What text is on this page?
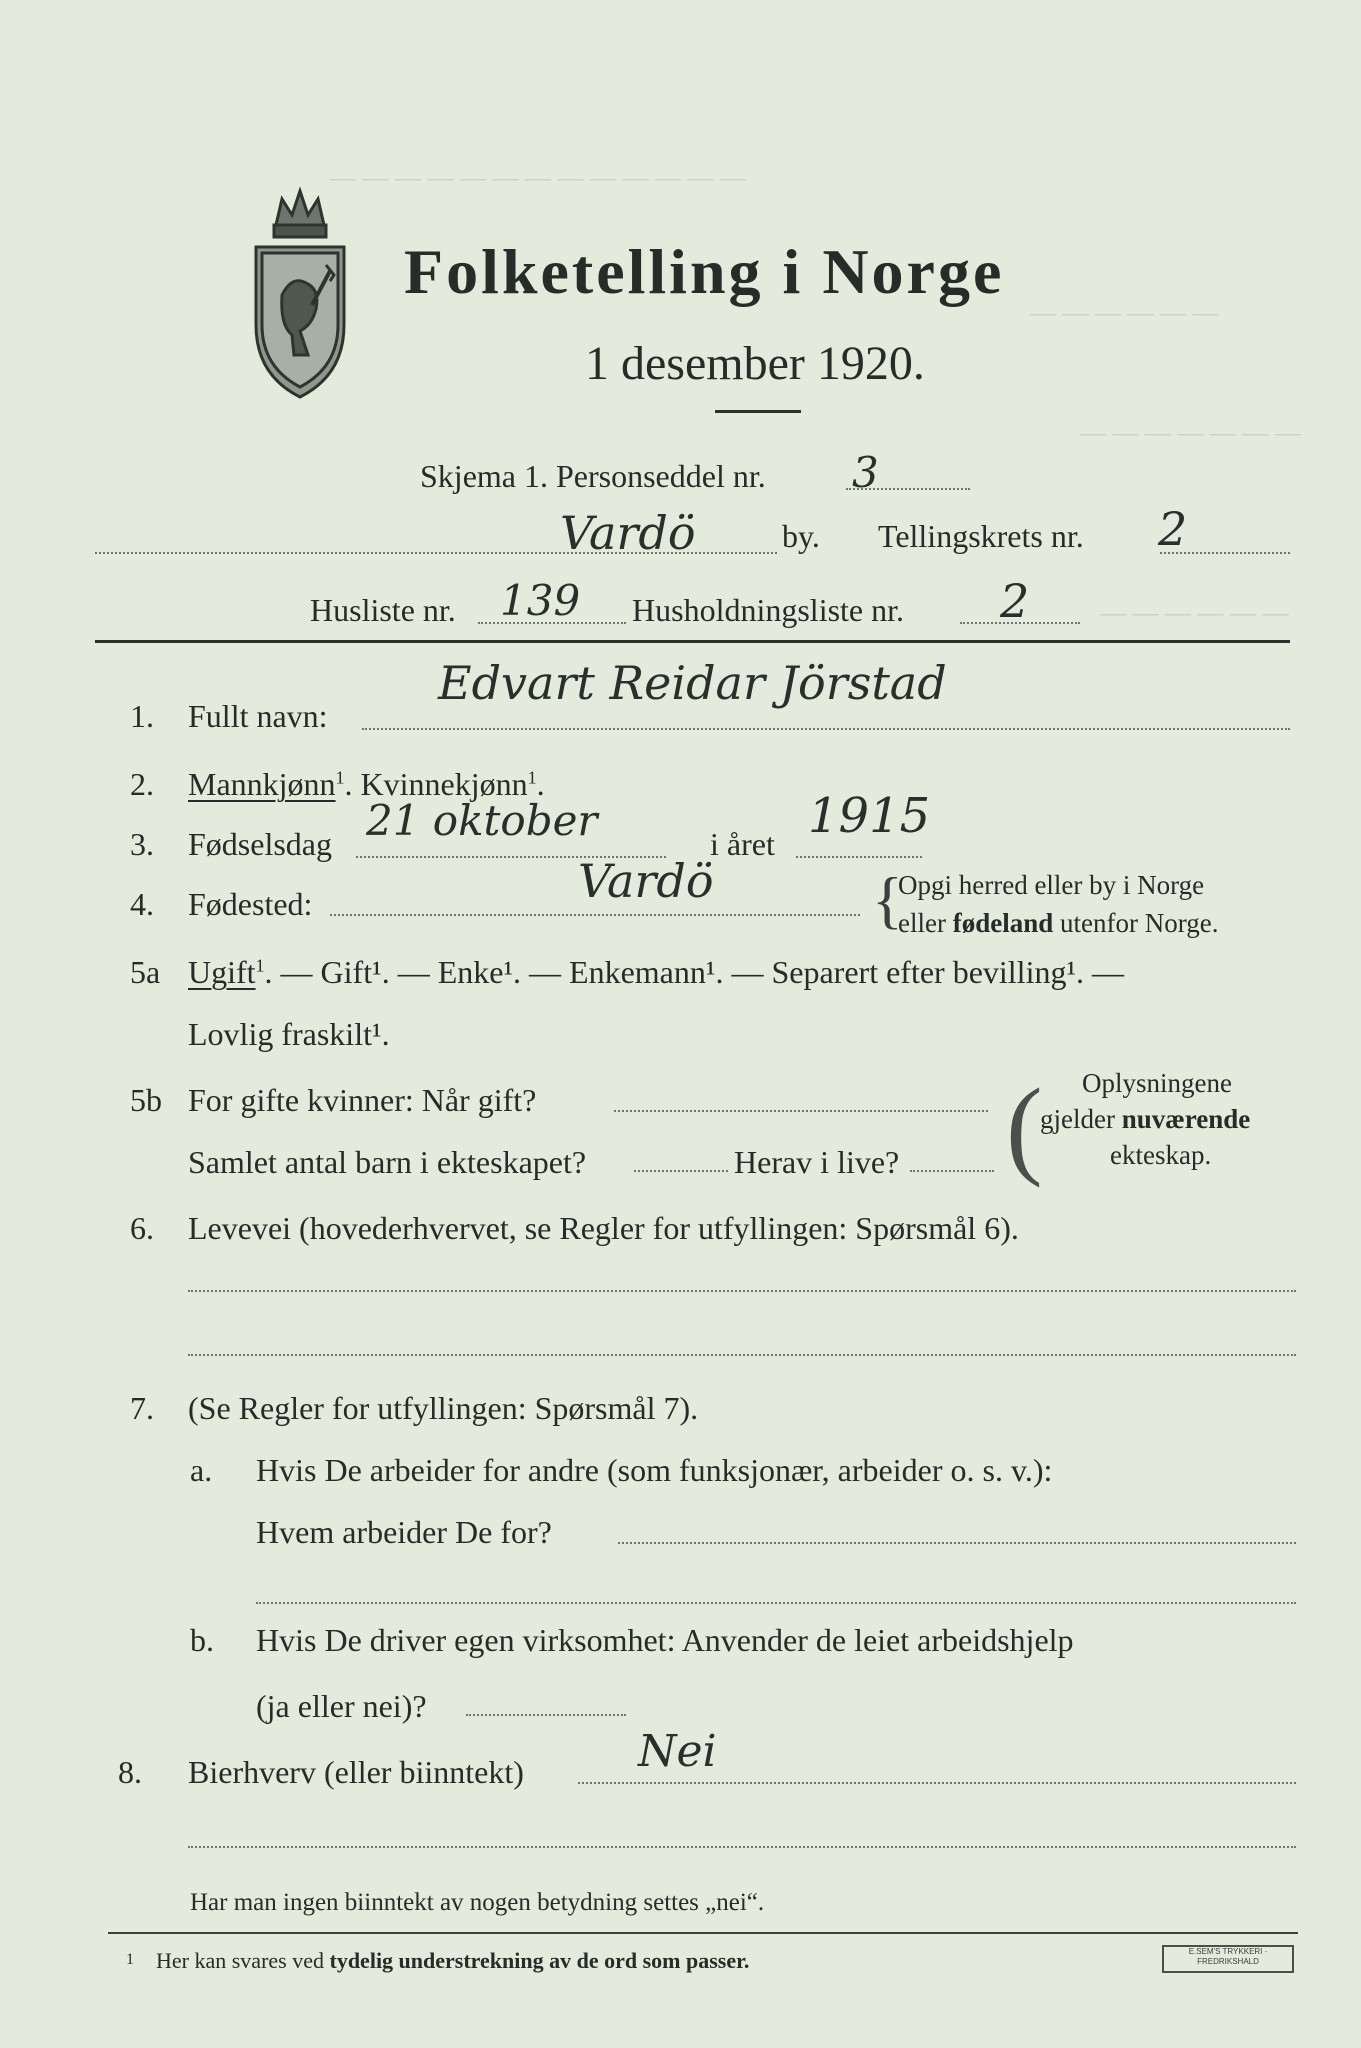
— — — — — — — — — — — — —
— — — — — —
— — — — — — —
— — — — — —
Folketelling i Norge
1 desember 1920.
Skjema 1. Personseddel nr. 3
Vardö	by. Tellingskrets nr. 2
Husliste nr. 139 Husholdningsliste nr. 2
1. Fullt navn:
Edvart Reidar Jörstad
2. Mannkjønn$^1$. Kvinnekjønn$^1$.
3. Fødselsdag 21 oktober	i året 1915
4. Fødested:	Vardö {
Opgi herred eller by i Norge
eller fødeland utenfor Norge.
5a Ugift$^1$. — Gift¹. — Enke¹. — Enkemann¹. — Separert efter bevilling¹. —
Lovlig fraskilt¹.
5b For gifte kvinner: Når gift?
Samlet antal barn i ekteskapet?	Herav i live? ( Oplysningene
gjelder nuværende
ekteskap.
6. Levevei (hovederhvervet, se Regler for utfyllingen: Spørsmål 6).
7. (Se Regler for utfyllingen: Spørsmål 7).
a. Hvis De arbeider for andre (som funksjonær, arbeider o. s. v.):
Hvem arbeider De for?
b. Hvis De driver egen virksomhet: Anvender de leiet arbeidshjelp
(ja eller nei)?
8. Bierhverv (eller biinntekt)	Nei
Har man ingen biinntekt av nogen betydning settes „nei“.
1 Her kan svares ved tydelig understrekning av de ord som passer.	E.SEM'S TRYKKERI · FREDRIKSHALD
